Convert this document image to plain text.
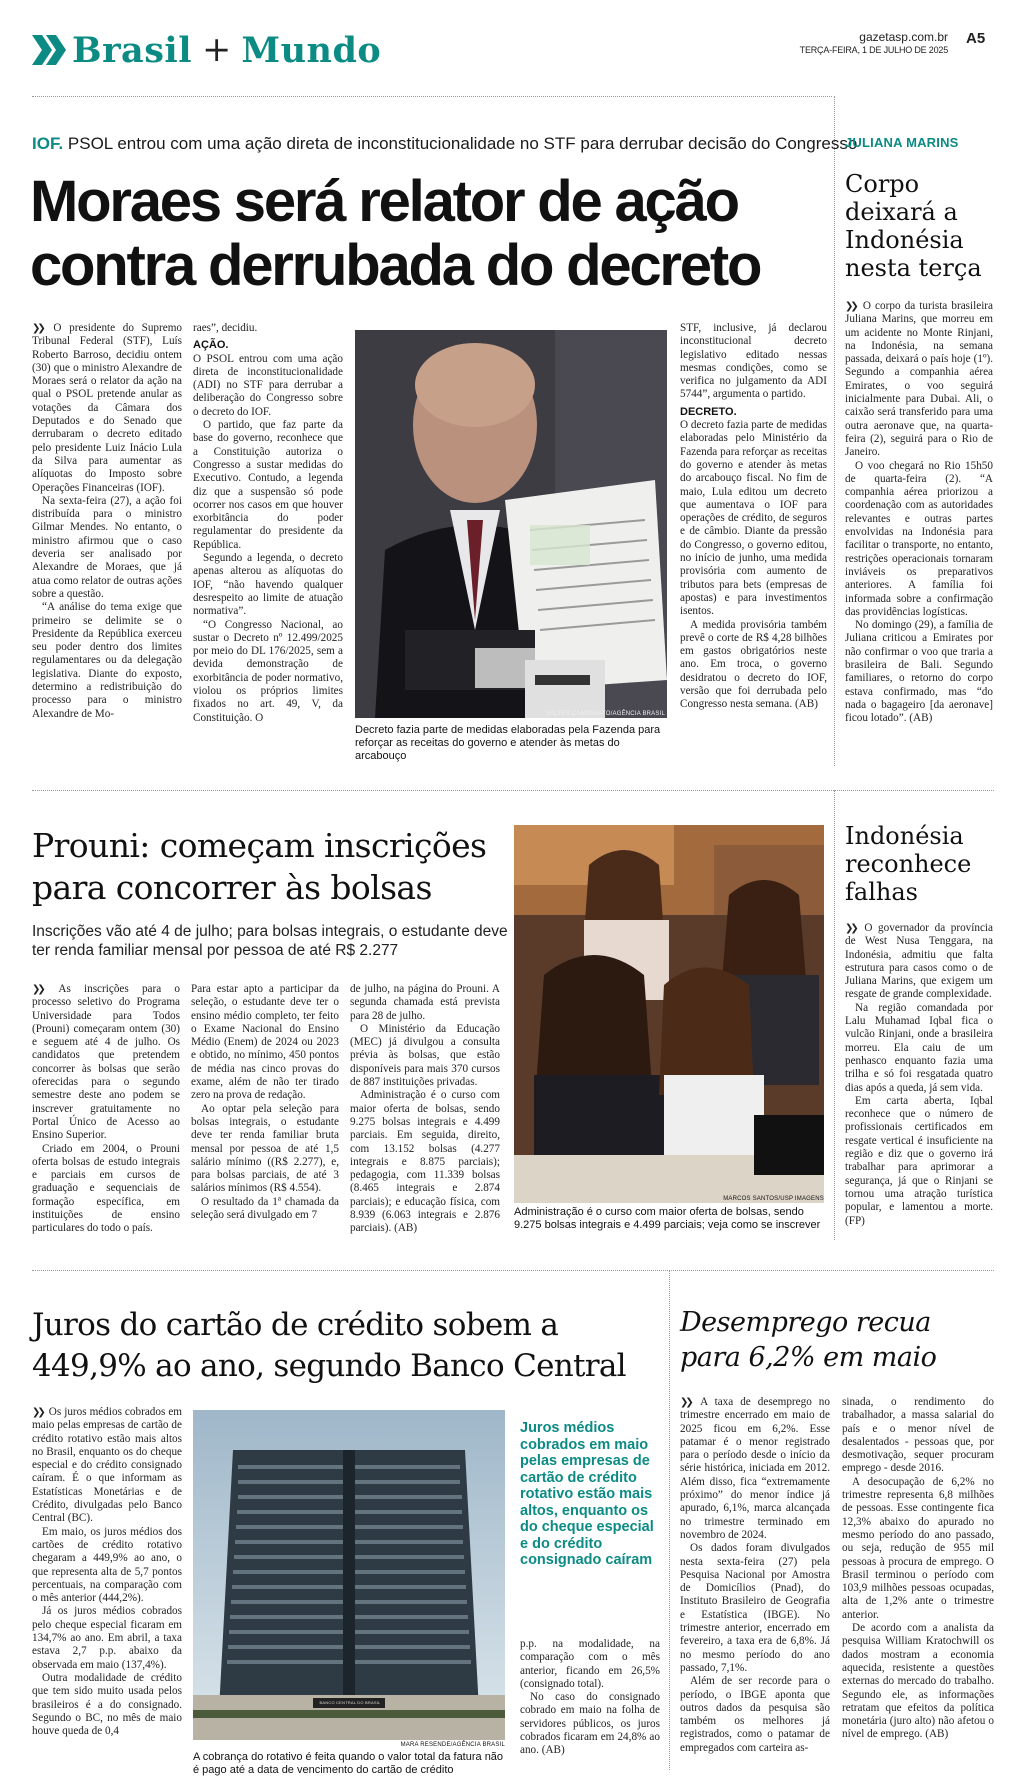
Brasil + Mundo	gazetasp.com.br
TERÇA-FEIRA, 1 DE JULHO DE 2025
A5
IOF. PSOL entrou com uma ação direta de inconstitucionalidade no STF para derrubar decisão do Congresso
Moraes será relator de ação
contra derrubada do decreto

❯❯ O presidente do Supremo Tribunal Federal (STF), Luís Roberto Barroso, decidiu ontem (30) que o ministro Alexandre de Moraes será o relator da ação na qual o PSOL pretende anular as votações da Câmara dos Deputados e do Senado que derrubaram o decreto editado pelo presidente Luiz Inácio Lula da Silva para aumentar as alíquotas do Imposto sobre Operações Financeiras (IOF).

Na sexta-feira (27), a ação foi distribuída para o ministro Gilmar Mendes. No entanto, o ministro afirmou que o caso deveria ser analisado por Alexandre de Moraes, que já atua como relator de outras ações sobre a questão.

“A análise do tema exige que primeiro se delimite se o Presidente da República exerceu seu poder dentro dos limites regulamentares ou da delegação legislativa. Diante do exposto, determino a redistribuição do processo para o ministro Alexandre de Mo-

raes”, decidiu.

AÇÃO.

O PSOL entrou com uma ação direta de inconstitucionalidade (ADI) no STF para derrubar a deliberação do Congresso sobre o decreto do IOF.

O partido, que faz parte da base do governo, reconhece que a Constituição autoriza o Congresso a sustar medidas do Executivo. Contudo, a legenda diz que a suspensão só pode ocorrer nos casos em que houver exorbitância do poder regulamentar do presidente da República.

Segundo a legenda, o decreto apenas alterou as alíquotas do IOF, “não havendo qualquer desrespeito ao limite de atuação normativa”.

“O Congresso Nacional, ao sustar o Decreto nº 12.499/2025 por meio do DL 176/2025, sem a devida demonstração de exorbitância de poder normativo, violou os próprios limites fixados no art. 49, V, da Constituição. O	VALTER CAMPANATO/AGÊNCIA BRASIL
Decreto fazia parte de medidas elaboradas pela Fazenda para reforçar as receitas do governo e atender às metas do arcabouço

STF, inclusive, já declarou inconstitucional decreto legislativo editado nessas mesmas condições, como se verifica no julgamento da ADI 5744”, argumenta o partido.

DECRETO.

O decreto fazia parte de medidas elaboradas pelo Ministério da Fazenda para reforçar as receitas do governo e atender às metas do arcabouço fiscal. No fim de maio, Lula editou um decreto que aumentava o IOF para operações de crédito, de seguros e de câmbio. Diante da pressão do Congresso, o governo editou, no início de junho, uma medida provisória com aumento de tributos para bets (empresas de apostas) e para investimentos isentos.

A medida provisória também prevê o corte de R$ 4,28 bilhões em gastos obrigatórios neste ano. Em troca, o governo desidratou o decreto do IOF, versão que foi derrubada pelo Congresso nesta semana. (AB)

JULIANA MARINS
Corpo
deixará a
Indonésia
nesta terça

❯❯ O corpo da turista brasileira Juliana Marins, que morreu em um acidente no Monte Rinjani, na Indonésia, na semana passada, deixará o país hoje (1º). Segundo a companhia aérea Emirates, o voo seguirá inicialmente para Dubai. Ali, o caixão será transferido para uma outra aeronave que, na quarta-feira (2), seguirá para o Rio de Janeiro.

O voo chegará no Rio 15h50 de quarta-feira (2). “A companhia aérea priorizou a coordenação com as autoridades relevantes e outras partes envolvidas na Indonésia para facilitar o transporte, no entanto, restrições operacionais tornaram inviáveis os preparativos anteriores. A família foi informada sobre a confirmação das providências logísticas.

No domingo (29), a família de Juliana criticou a Emirates por não confirmar o voo que traria a brasileira de Bali. Segundo familiares, o retorno do corpo estava confirmado, mas “do nada o bagageiro [da aeronave] ficou lotado”. (AB)

Prouni: começam inscrições
para concorrer às bolsas
Inscrições vão até 4 de julho; para bolsas integrais, o estudante deve ter renda familiar mensal por pessoa de até R$ 2.277

❯❯ As inscrições para o processo seletivo do Programa Universidade para Todos (Prouni) começaram ontem (30) e seguem até 4 de julho. Os candidatos que pretendem concorrer às bolsas que serão oferecidas para o segundo semestre deste ano podem se inscrever gratuitamente no Portal Único de Acesso ao Ensino Superior.

Criado em 2004, o Prouni oferta bolsas de estudo integrais e parciais em cursos de graduação e sequenciais de formação específica, em instituições de ensino particulares do todo o país.

Para estar apto a participar da seleção, o estudante deve ter o ensino médio completo, ter feito o Exame Nacional do Ensino Médio (Enem) de 2024 ou 2023 e obtido, no mínimo, 450 pontos de média nas cinco provas do exame, além de não ter tirado zero na prova de redação.

Ao optar pela seleção para bolsas integrais, o estudante deve ter renda familiar bruta mensal por pessoa de até 1,5 salário mínimo ((R$ 2.277), e, para bolsas parciais, de até 3 salários mínimos (R$ 4.554).

O resultado da 1ª chamada da seleção será divulgado em 7

de julho, na página do Prouni. A segunda chamada está prevista para 28 de julho.

O Ministério da Educação (MEC) já divulgou a consulta prévia às bolsas, que estão disponíveis para mais 370 cursos de 887 instituições privadas.

Administração é o curso com maior oferta de bolsas, sendo 9.275 bolsas integrais e 4.499 parciais. Em seguida, direito, com 13.152 bolsas (4.277 integrais e 8.875 parciais); pedagogia, com 11.339 bolsas (8.465 integrais e 2.874 parciais); e educação física, com 8.939 (6.063 integrais e 2.876 parciais). (AB)

MARCOS SANTOS/USP IMAGENS
Administração é o curso com maior oferta de bolsas, sendo 9.275 bolsas integrais e 4.499 parciais; veja como se inscrever
Indonésia
reconhece
falhas

❯❯ O governador da província de West Nusa Tenggara, na Indonésia, admitiu que falta estrutura para casos como o de Juliana Marins, que exigem um resgate de grande complexidade.

Na região comandada por Lalu Muhamad Iqbal fica o vulcão Rinjani, onde a brasileira morreu. Ela caiu de um penhasco enquanto fazia uma trilha e só foi resgatada quatro dias após a queda, já sem vida.

Em carta aberta, Iqbal reconhece que o número de profissionais certificados em resgate vertical é insuficiente na região e diz que o governo irá trabalhar para aprimorar a segurança, já que o Rinjani se tornou uma atração turística popular, e lamentou a morte. (FP)

Juros do cartão de crédito sobem a
449,9% ao ano, segundo Banco Central

❯❯ Os juros médios cobrados em maio pelas empresas de cartão de crédito rotativo estão mais altos no Brasil, enquanto os do cheque especial e do crédito consignado caíram. É o que informam as Estatísticas Monetárias e de Crédito, divulgadas pelo Banco Central (BC).

Em maio, os juros médios dos cartões de crédito rotativo chegaram a 449,9% ao ano, o que representa alta de 5,7 pontos percentuais, na comparação com o mês anterior (444,2%).

Já os juros médios cobrados pelo cheque especial ficaram em 134,7% ao ano. Em abril, a taxa estava 2,7 p.p. abaixo da observada em maio (137,4%).

Outra modalidade de crédito que tem sido muito usada pelos brasileiros é a do consignado. Segundo o BC, no mês de maio houve queda de 0,4

BANCO CENTRAL DO BRASIL
MARA RESENDE/AGÊNCIA BRASIL
A cobrança do rotativo é feita quando o valor total da fatura não é pago até a data de vencimento do cartão de crédito
Juros médios cobrados em maio pelas empresas de cartão de crédito rotativo estão mais altos, enquanto os do cheque especial e do crédito consignado caíram

p.p. na modalidade, na comparação com o mês anterior, ficando em 26,5% (consignado total).

No caso do consignado cobrado em maio na folha de servidores públicos, os juros cobrados ficaram em 24,8% ao ano. (AB)

Desemprego recua
para 6,2% em maio

❯❯ A taxa de desemprego no trimestre encerrado em maio de 2025 ficou em 6,2%. Esse patamar é o menor registrado para o período desde o início da série histórica, iniciada em 2012. Além disso, fica “extremamente próximo” do menor índice já apurado, 6,1%, marca alcançada no trimestre terminado em novembro de 2024.

Os dados foram divulgados nesta sexta-feira (27) pela Pesquisa Nacional por Amostra de Domicílios (Pnad), do Instituto Brasileiro de Geografia e Estatística (IBGE). No trimestre anterior, encerrado em fevereiro, a taxa era de 6,8%. Já no mesmo período do ano passado, 7,1%.

Além de ser recorde para o período, o IBGE aponta que outros dados da pesquisa são também os melhores já registrados, como o patamar de empregados com carteira as-

sinada, o rendimento do trabalhador, a massa salarial do país e o menor nível de desalentados - pessoas que, por desmotivação, sequer procuram emprego - desde 2016.

A desocupação de 6,2% no trimestre representa 6,8 milhões de pessoas. Esse contingente fica 12,3% abaixo do apurado no mesmo período do ano passado, ou seja, redução de 955 mil pessoas à procura de emprego. O Brasil terminou o período com 103,9 milhões pessoas ocupadas, alta de 1,2% ante o trimestre anterior.

De acordo com a analista da pesquisa William Kratochwill os dados mostram a economia aquecida, resistente a questões externas do mercado do trabalho. Segundo ele, as informações retratam que efeitos da política monetária (juro alto) não afetou o nível de emprego. (AB)
